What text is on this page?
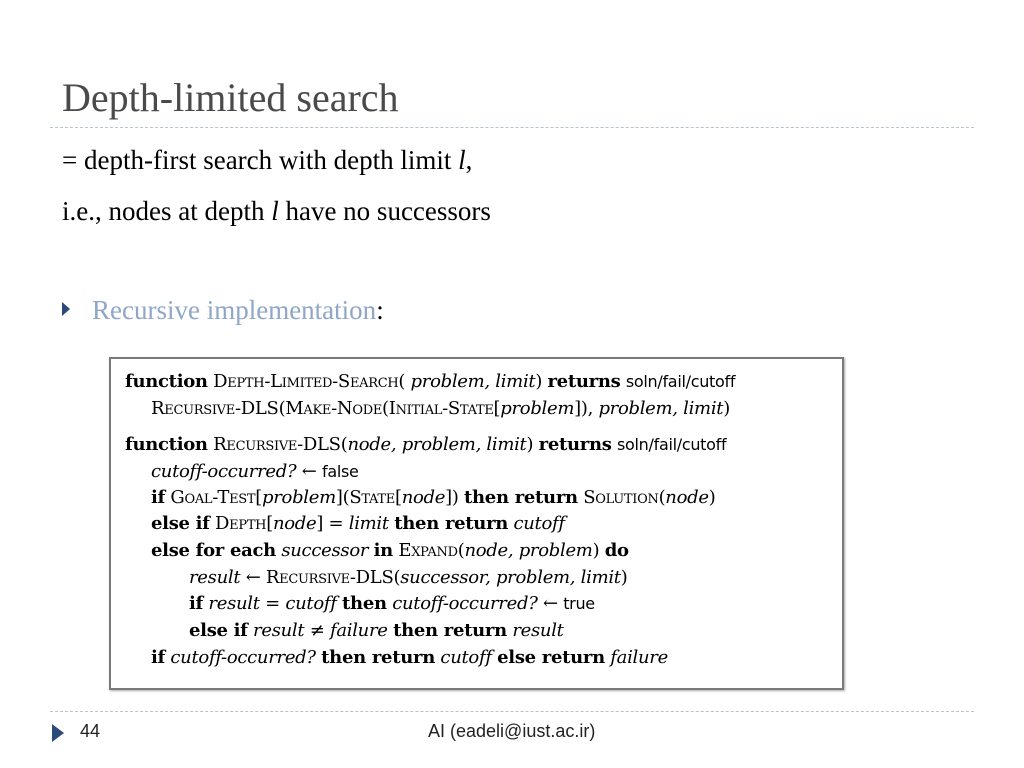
Depth-limited search
= depth-first search with depth limit l,
i.e., nodes at depth l have no successors
Recursive implementation:
function Depth-Limited-Search( problem, limit) returns soln/fail/cutoff
Recursive-DLS(Make-Node(Initial-State[problem]), problem, limit)
function Recursive-DLS(node, problem, limit) returns soln/fail/cutoff
cutoff-occurred? ← false
if Goal-Test[problem](State[node]) then return Solution(node)
else if Depth[node] = limit then return cutoff
else for each successor in Expand(node, problem) do
result ← Recursive-DLS(successor, problem, limit)
if result = cutoff then cutoff-occurred? ← true
else if result ≠ failure then return result
if cutoff-occurred? then return cutoff else return failure
44	AI (eadeli@iust.ac.ir)
